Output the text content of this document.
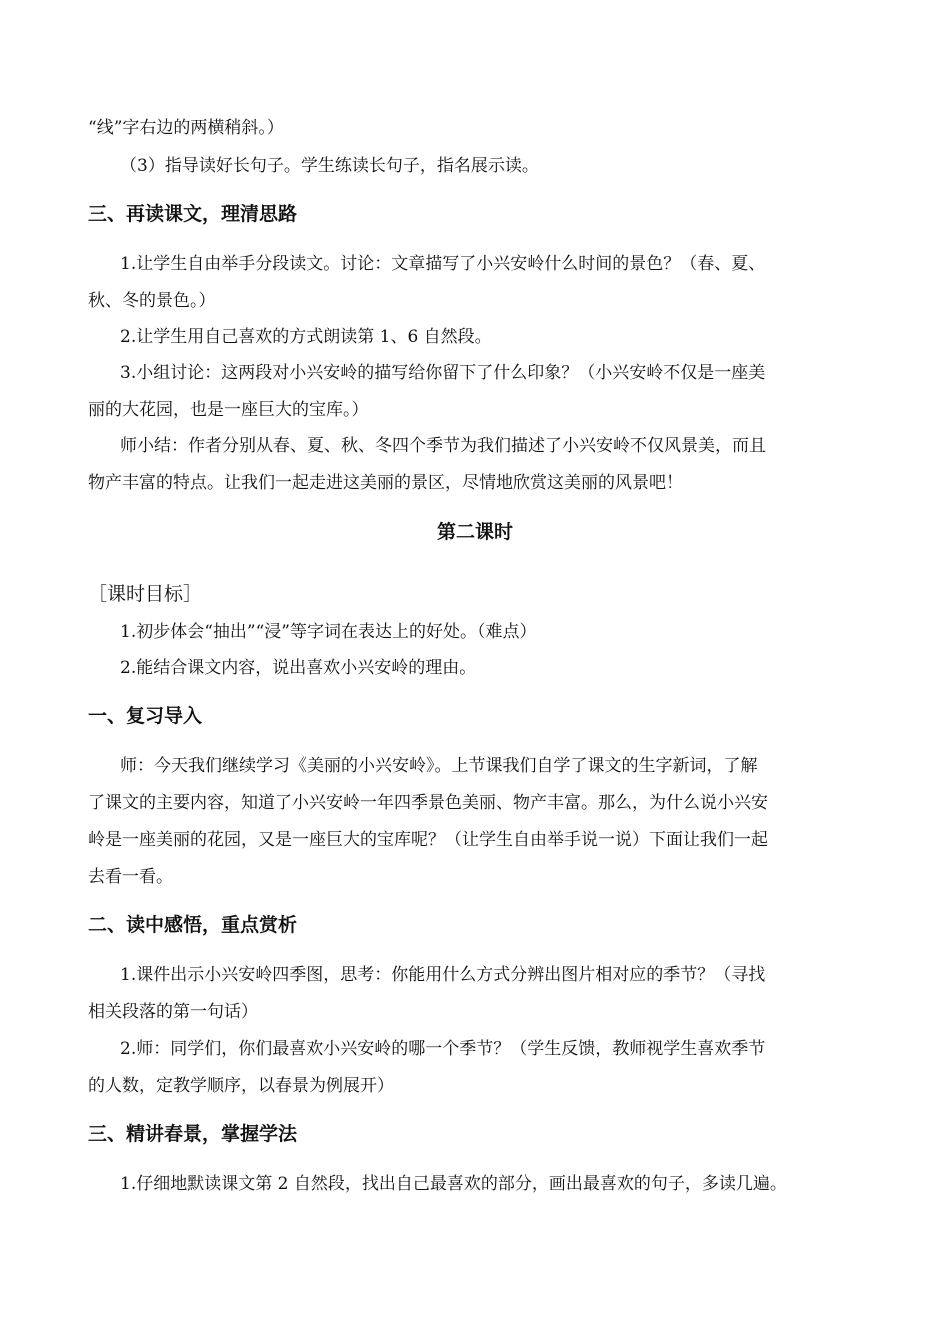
“线”字右边的两横稍斜。）
（3）指导读好长句子。学生练读长句子，指名展示读。
三、再读课文，理清思路
1.让学生自由举手分段读文。讨论：文章描写了小兴安岭什么时间的景色？（春、夏、
秋、冬的景色。）
2.让学生用自己喜欢的方式朗读第 1、6 自然段。
3.小组讨论：这两段对小兴安岭的描写给你留下了什么印象？（小兴安岭不仅是一座美
丽的大花园，也是一座巨大的宝库。）
师小结：作者分别从春、夏、秋、冬四个季节为我们描述了小兴安岭不仅风景美，而且
物产丰富的特点。让我们一起走进这美丽的景区，尽情地欣赏这美丽的风景吧！
第二课时
［课时目标］
1.初步体会“抽出”“浸”等字词在表达上的好处。（难点）
2.能结合课文内容，说出喜欢小兴安岭的理由。
一、复习导入
师：今天我们继续学习《美丽的小兴安岭》。上节课我们自学了课文的生字新词，了解
了课文的主要内容，知道了小兴安岭一年四季景色美丽、物产丰富。那么，为什么说小兴安
岭是一座美丽的花园，又是一座巨大的宝库呢？（让学生自由举手说一说）下面让我们一起
去看一看。
二、读中感悟，重点赏析
1.课件出示小兴安岭四季图，思考：你能用什么方式分辨出图片相对应的季节？（寻找
相关段落的第一句话）
2.师：同学们，你们最喜欢小兴安岭的哪一个季节？（学生反馈，教师视学生喜欢季节
的人数，定教学顺序，以春景为例展开）
三、精讲春景，掌握学法
1.仔细地默读课文第 2 自然段，找出自己最喜欢的部分，画出最喜欢的句子，多读几遍。
